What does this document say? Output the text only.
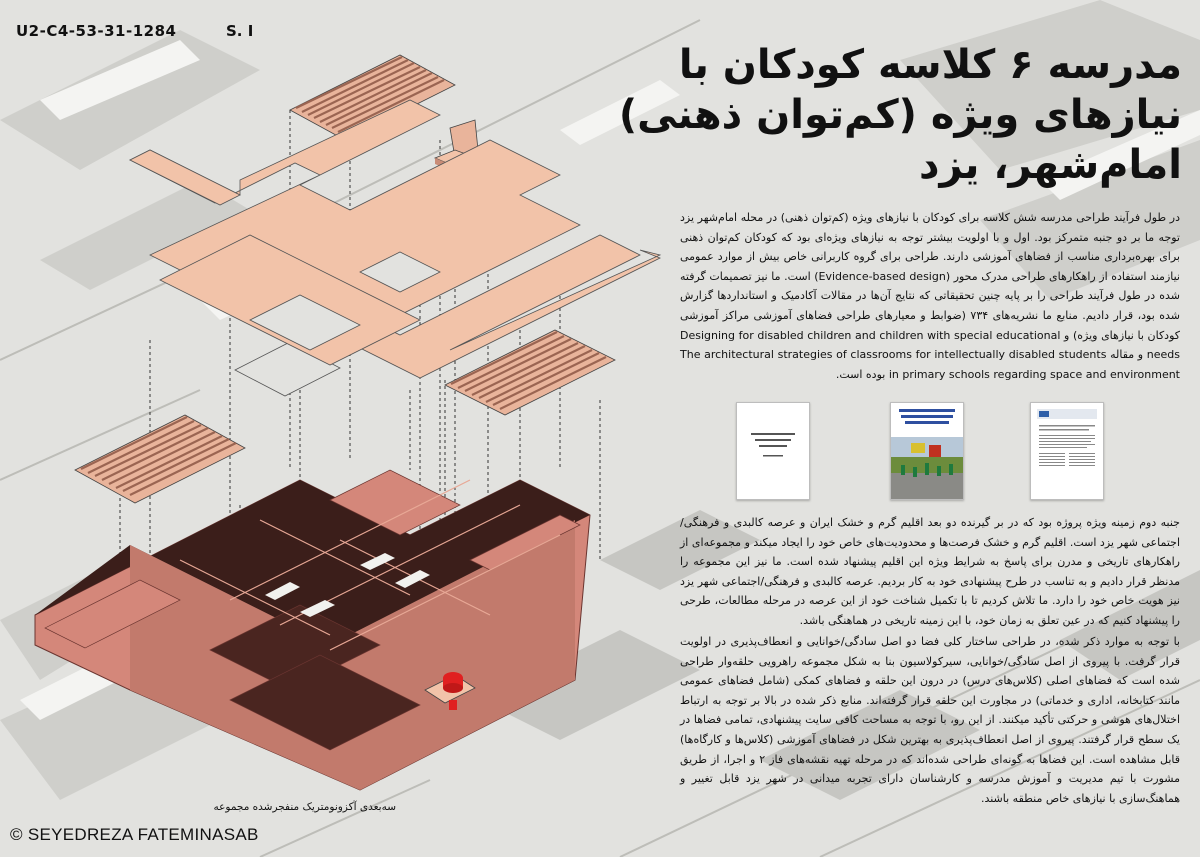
U2-C4-53-31-1284	S. I
مدرسه ۶ کلاسه کودکان با نیازهای ویژه (کم‌توان ذهنی) امام‌شهر، یزد

در طول فرآیند طراحی مدرسه شش کلاسه برای کودکان با نیازهای ویژه (کم‌توان ذهنی) در محله امام‌شهر یزد توجه ما بر دو جنبه متمرکز بود. اول و با اولویت بیشتر توجه به نیازهای ویژه‌ای بود که کودکان کم‌توان ذهنی برای بهره‌برداری مناسب از فضاهای آموزشی دارند. طراحی برای گروه کاربرانی خاص بیش از موارد عمومی نیازمند استفاده از راهکارهای طراحی مدرک محور (Evidence-based design) است. ما نیز تصمیمات گرفته شده در طول فرآیند طراحی را بر پایه چنین تحقیقاتی که نتایج آن‌ها در مقالات آکادمیک و استانداردها گزارش شده بود، قرار دادیم. منابع ما نشریه‌های ۷۳۴ (ضوابط و معیارهای طراحی فضاهای آموزشی مراکز آموزشی کودکان با نیازهای ویژه) و Designing for disabled children and children with special educational needs و مقاله The architectural strategies of classrooms for intellectually disabled students in primary schools regarding space and environment بوده است.

جنبه دوم زمینه ویژه پروژه بود که در بر گیرنده دو بعد اقلیم گرم و خشک ایران و عرصه کالبدی و فرهنگی/اجتماعی شهر یزد است. اقلیم گرم و خشک فرصت‌ها و محدودیت‌های خاص خود را ایجاد میکند و مجموعه‌ای از راهکارهای تاریخی و مدرن برای پاسخ به شرایط ویژه این اقلیم پیشنهاد شده است. ما نیز این مجموعه را مدنظر قرار دادیم و به تناسب در طرح پیشنهادی خود به کار بردیم. عرصه کالبدی و فرهنگی/اجتماعی شهر یزد نیز هویت خاص خود را دارد. ما تلاش کردیم تا با تکمیل شناخت خود از این عرصه در مرحله مطالعات، طرحی را پیشنهاد کنیم که در عین تعلق به زمان خود، با این زمینه تاریخی در هماهنگی باشد.

با توجه به موارد ذکر شده، در طراحی ساختار کلی فضا دو اصل سادگی/خوانایی و انعطاف‌پذیری در اولویت قرار گرفت. با پیروی از اصل سادگی/خوانایی، سیرکولاسیون بنا به شکل مجموعه راهرویی حلقه‌وار طراحی شده است که فضاهای اصلی (کلاس‌های درس) در درون این حلقه و فضاهای کمکی (شامل فضاهای عمومی مانند کتابخانه، اداری و خدماتی) در مجاورت این حلقه قرار گرفته‌اند. منابع ذکر شده در بالا بر توجه به ارتباط اختلال‌های هوشی و حرکتی تأکید میکنند. از این رو، با توجه به مساحت کافی سایت پیشنهادی، تمامی فضاها در یک سطح قرار گرفتند. پیروی از اصل انعطاف‌پذیری به بهترین شکل در فضاهای آموزشی (کلاس‌ها و کارگاه‌ها) قابل مشاهده است. این فضاها به گونه‌ای طراحی شده‌اند که در مرحله تهیه نقشه‌های فاز ۲ و اجرا، از طریق مشورت با تیم مدیریت و آموزش مدرسه و کارشناسان دارای تجربه میدانی در شهر یزد قابل تغییر و هماهنگ‌سازی با نیازهای خاص منطقه باشند.

سه‌بعدی آکزونومتریک منفجرشده مجموعه
© SEYEDREZA FATEMINASAB
